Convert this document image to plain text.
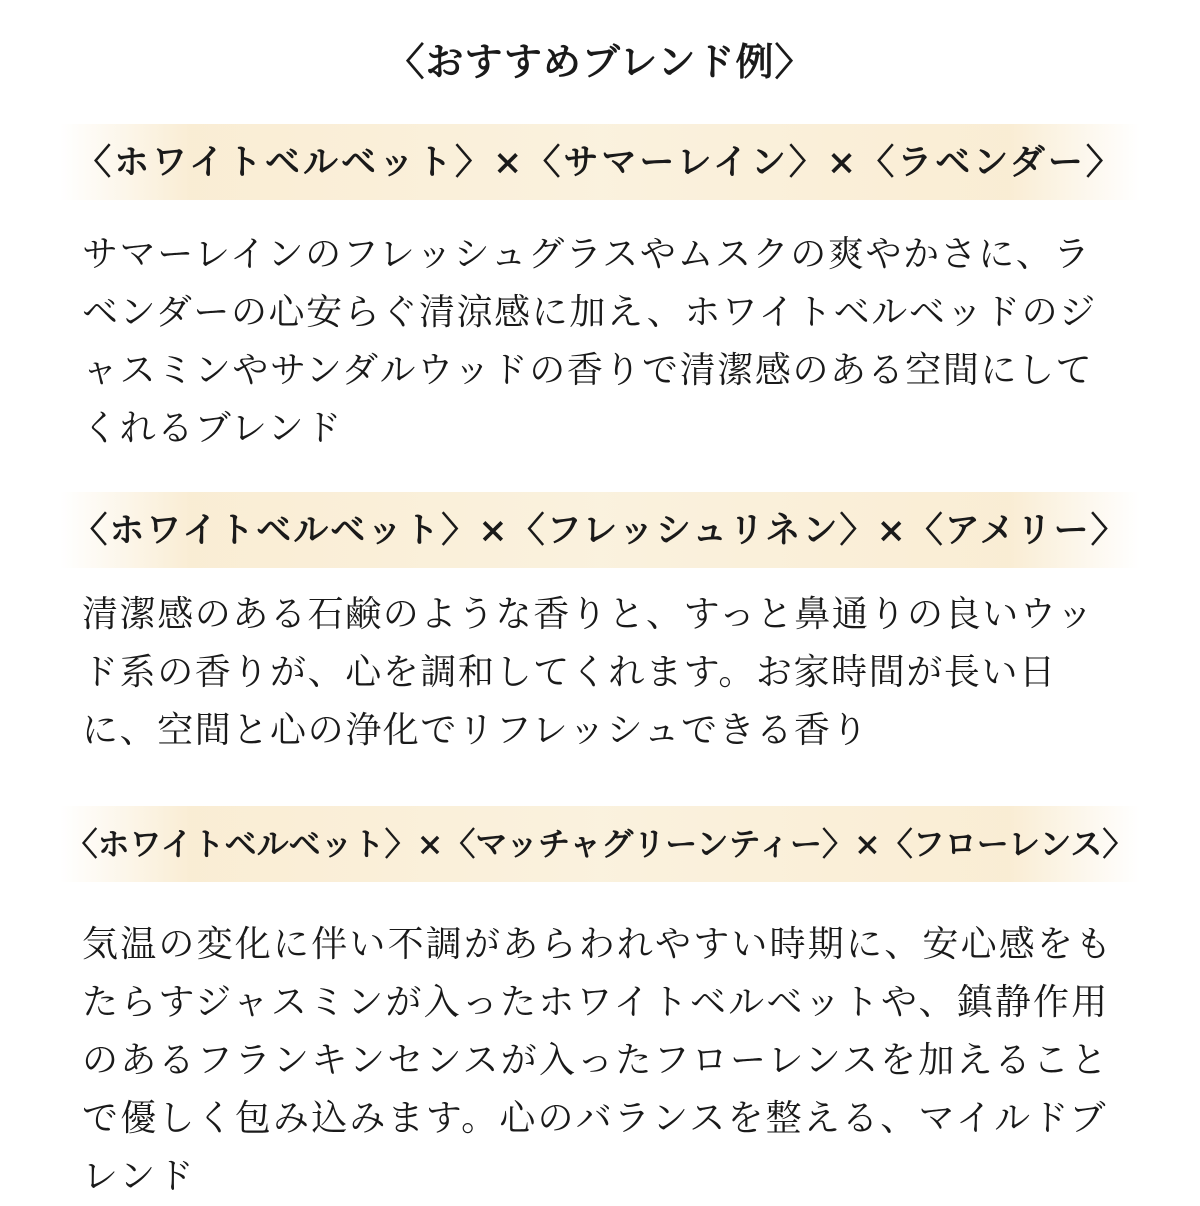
〈おすすめブレンド例〉
〈ホワイトベルベット〉×〈サマーレイン〉×〈ラベンダー〉

サマーレインのフレッシュグラスやムスクの爽やかさに、ラベンダーの心安らぐ清涼感に加え、ホワイトベルベッドのジャスミンやサンダルウッドの香りで清潔感のある空間にしてくれるブレンド

〈ホワイトベルベット〉×〈フレッシュリネン〉×〈アメリー〉

清潔感のある石鹸のような香りと、すっと鼻通りの良いウッド系の香りが、心を調和してくれます。お家時間が長い日に、空間と心の浄化でリフレッシュできる香り

〈ホワイトベルベット〉×〈マッチャグリーンティー〉×〈フローレンス〉

気温の変化に伴い不調があらわれやすい時期に、安心感をもたらすジャスミンが入ったホワイトベルベットや、鎮静作用のあるフランキンセンスが入ったフローレンスを加えることで優しく包み込みます。心のバランスを整える、マイルドブレンド
